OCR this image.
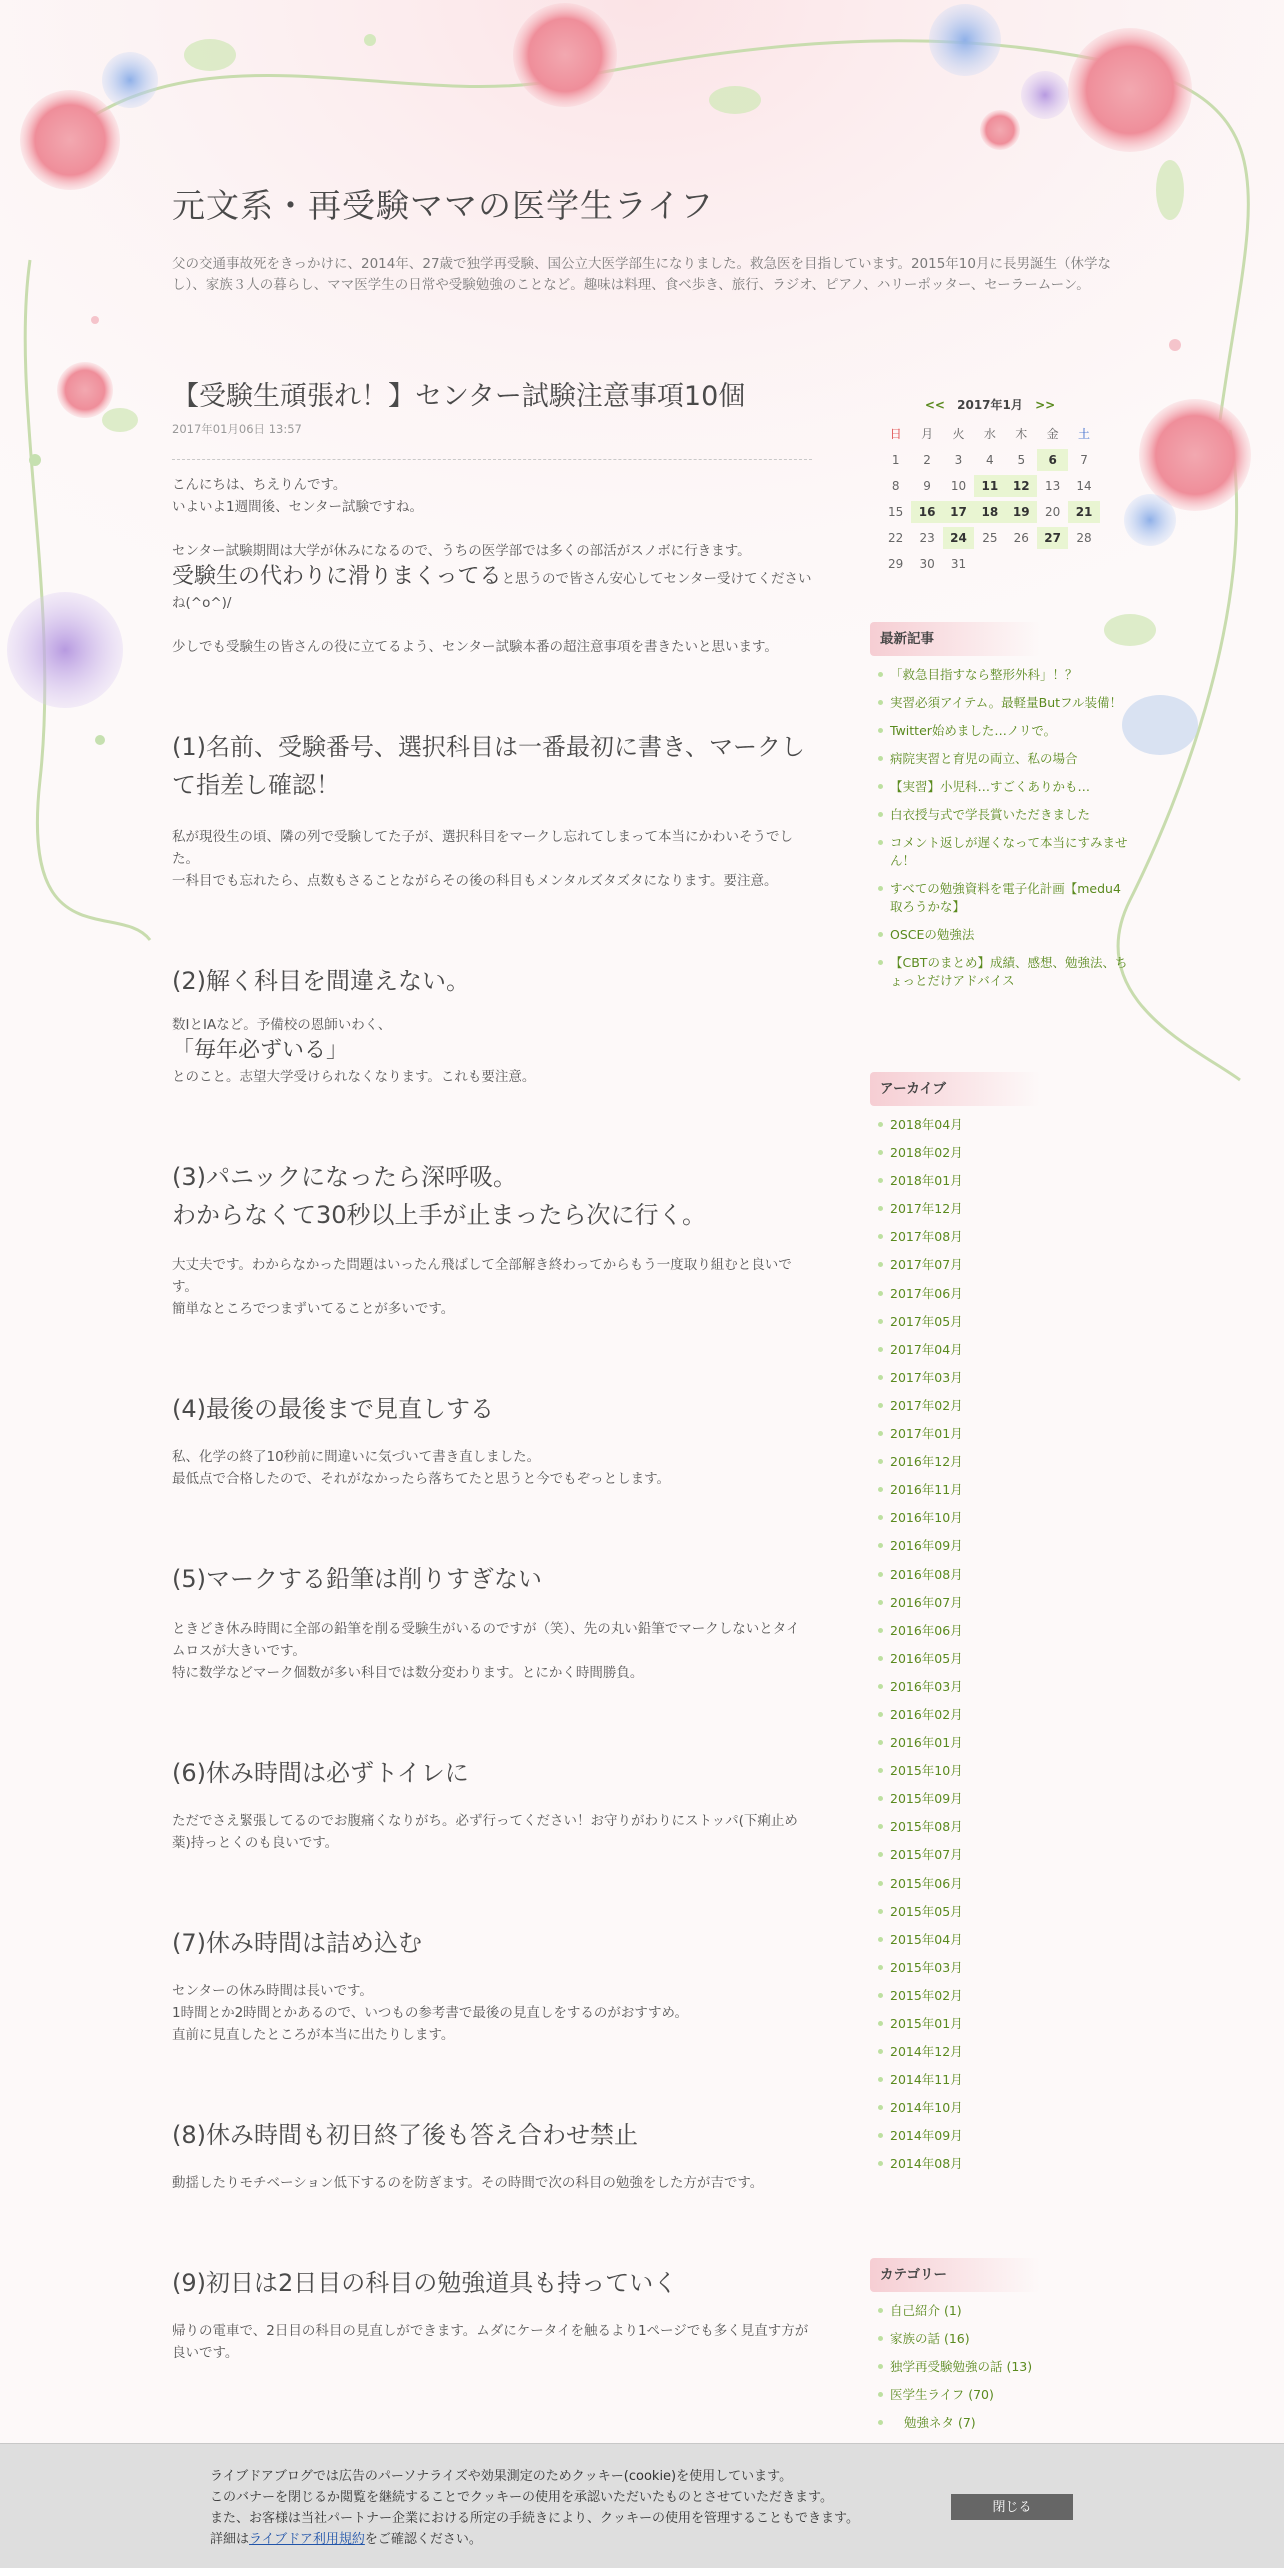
元文系・再受験ママの医学生ライフ

父の交通事故死をきっかけに、2014年、27歳で独学再受験、国公立大医学部生になりました。救急医を目指しています。2015年10月に長男誕生（休学なし）、家族３人の暮らし、ママ医学生の日常や受験勉強のことなど。趣味は料理、食べ歩き、旅行、ラジオ、ピアノ、ハリーポッター、セーラームーン。

【受験生頑張れ！】センター試験注意事項10個
2017年01月06日 13:57

こんにちは、ちえりんです。

いよいよ1週間後、センター試験ですね。

センター試験期間は大学が休みになるので、うちの医学部では多くの部活がスノボに行きます。

受験生の代わりに滑りまくってると思うので皆さん安心してセンター受けてくださいね(^o^)/

少しでも受験生の皆さんの役に立てるよう、センター試験本番の超注意事項を書きたいと思います。

(1)名前、受験番号、選択科目は一番最初に書き、マークして指差し確認！

私が現役生の頃、隣の列で受験してた子が、選択科目をマークし忘れてしまって本当にかわいそうでした。

一科目でも忘れたら、点数もさることながらその後の科目もメンタルズタズタになります。要注意。

(2)解く科目を間違えない。

数ⅠとⅠAなど。予備校の恩師いわく、

「毎年必ずいる」

とのこと。志望大学受けられなくなります。これも要注意。

(3)パニックになったら深呼吸。
わからなくて30秒以上手が止まったら次に行く。

大丈夫です。わからなかった問題はいったん飛ばして全部解き終わってからもう一度取り組むと良いです。

簡単なところでつまずいてることが多いです。

(4)最後の最後まで見直しする

私、化学の終了10秒前に間違いに気づいて書き直しました。

最低点で合格したので、それがなかったら落ちてたと思うと今でもぞっとします。

(5)マークする鉛筆は削りすぎない

ときどき休み時間に全部の鉛筆を削る受験生がいるのですが（笑）、先の丸い鉛筆でマークしないとタイムロスが大きいです。

特に数学などマーク個数が多い科目では数分変わります。とにかく時間勝負。

(6)休み時間は必ずトイレに

ただでさえ緊張してるのでお腹痛くなりがち。必ず行ってください！お守りがわりにストッパ(下痢止め薬)持っとくのも良いです。

(7)休み時間は詰め込む

センターの休み時間は長いです。

1時間とか2時間とかあるので、いつもの参考書で最後の見直しをするのがおすすめ。

直前に見直したところが本当に出たりします。

(8)休み時間も初日終了後も答え合わせ禁止

動揺したりモチベーション低下するのを防ぎます。その時間で次の科目の勉強をした方が吉です。

(9)初日は2日目の科目の勉強道具も持っていく

帰りの電車で、2日目の科目の見直しができます。ムダにケータイを触るより1ページでも多く見直す方が良いです。

<< 2017年1月 >>
日	月	火	水	木	金	土
1	2	3	4	5	6	7
8	9	10	11	12	13	14
15	16	17	18	19	20	21
22	23	24	25	26	27	28
29	30	31
最新記事
「救急目指すなら整形外科」！？
実習必須アイテム。最軽量Butフル装備！
Twitter始めました…ノリで。
病院実習と育児の両立、私の場合
【実習】小児科…すごくありかも…
白衣授与式で学長賞いただきました
コメント返しが遅くなって本当にすみません！
すべての勉強資料を電子化計画【medu4取ろうかな】
OSCEの勉強法
【CBTのまとめ】成績、感想、勉強法、ちょっとだけアドバイス
アーカイブ
2018年04月
2018年02月
2018年01月
2017年12月
2017年08月
2017年07月
2017年06月
2017年05月
2017年04月
2017年03月
2017年02月
2017年01月
2016年12月
2016年11月
2016年10月
2016年09月
2016年08月
2016年07月
2016年06月
2016年05月
2016年03月
2016年02月
2016年01月
2015年10月
2015年09月
2015年08月
2015年07月
2015年06月
2015年05月
2015年04月
2015年03月
2015年02月
2015年01月
2014年12月
2014年11月
2014年10月
2014年09月
2014年08月
カテゴリー
自己紹介 (1)
家族の話 (16)
独学再受験勉強の話 (13)
医学生ライフ (70)
勉強ネタ (7)
ライブドアブログでは広告のパーソナライズや効果測定のためクッキー(cookie)を使用しています。
このバナーを閉じるか閲覧を継続することでクッキーの使用を承認いただいたものとさせていただきます。
また、お客様は当社パートナー企業における所定の手続きにより、クッキーの使用を管理することもできます。
詳細はライブドア利用規約をご確認ください。
閉じる
